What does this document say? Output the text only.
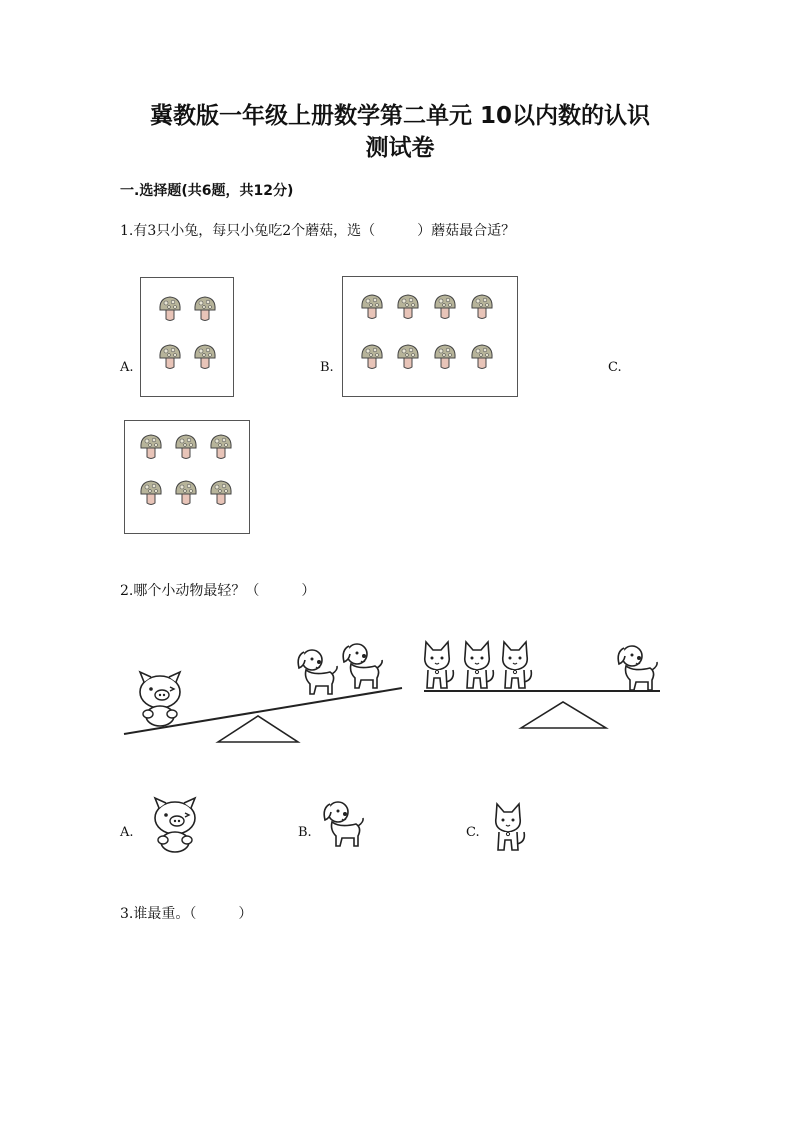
冀教版一年级上册数学第二单元 10以内数的认识
测试卷
一.选择题(共6题，共12分)
1.有3只小兔，每只小兔吃2个蘑菇，选（　　　）蘑菇最合适？
A.	B.	C.
2.哪个小动物最轻？（　　　）
A.	B.	C.
3.谁最重。（　　　）
